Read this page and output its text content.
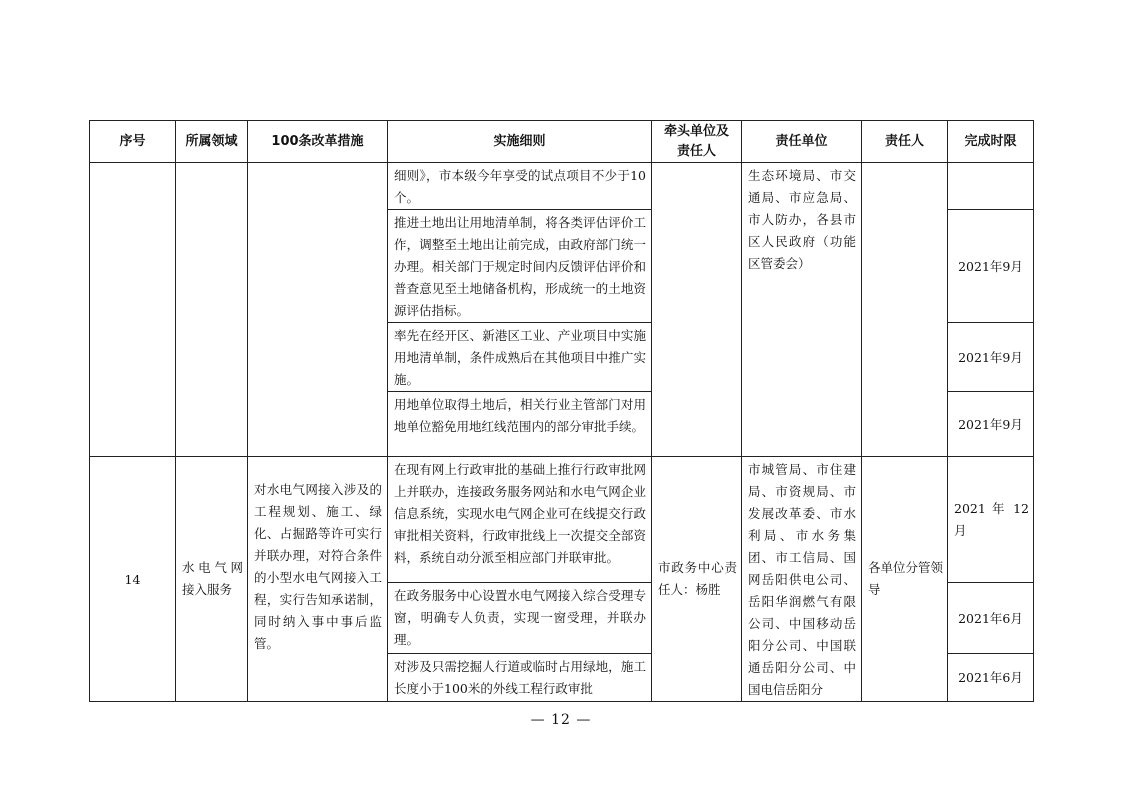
序号	所属领域	100条改革措施	实施细则	牵头单位及责任人	责任单位	责任人	完成时限

			细则》，市本级今年享受的试点项目不少于10个。		生态环境局、市交通局、市应急局、市人防办，各县市区人民政府（功能区管委会）		

			推进土地出让用地清单制，将各类评估评价工作，调整至土地出让前完成，由政府部门统一办理。相关部门于规定时间内反馈评估评价和普查意见至土地储备机构，形成统一的土地资源评估指标。				2021年9月

			率先在经开区、新港区工业、产业项目中实施用地清单制，条件成熟后在其他项目中推广实施。				2021年9月

			用地单位取得土地后，相关行业主管部门对用地单位豁免用地红线范围内的部分审批手续。				2021年9月
14	水电气网接入服务	对水电气网接入涉及的工程规划、施工、绿化、占掘路等许可实行并联办理，对符合条件的小型水电气网接入工程，实行告知承诺制，同时纳入事中事后监管。	在现有网上行政审批的基础上推行行政审批网上并联办，连接政务服务网站和水电气网企业信息系统，实现水电气网企业可在线提交行政审批相关资料，行政审批线上一次提交全部资料，系统自动分派至相应部门并联审批。	市政务中心责任人：杨胜	市城管局、市住建局、市资规局、市发展改革委、市水利局、市水务集团、市工信局、国网岳阳供电公司、岳阳华润燃气有限公司、中国移动岳阳分公司、中国联通岳阳分公司、中国电信岳阳分	各单位分管领导	2021 年 12月

			在政务服务中心设置水电气网接入综合受理专窗，明确专人负责，实现一窗受理，并联办理。				2021年6月

			对涉及只需挖掘人行道或临时占用绿地，施工长度小于100米的外线工程行政审批				2021年6月
— 12 —
